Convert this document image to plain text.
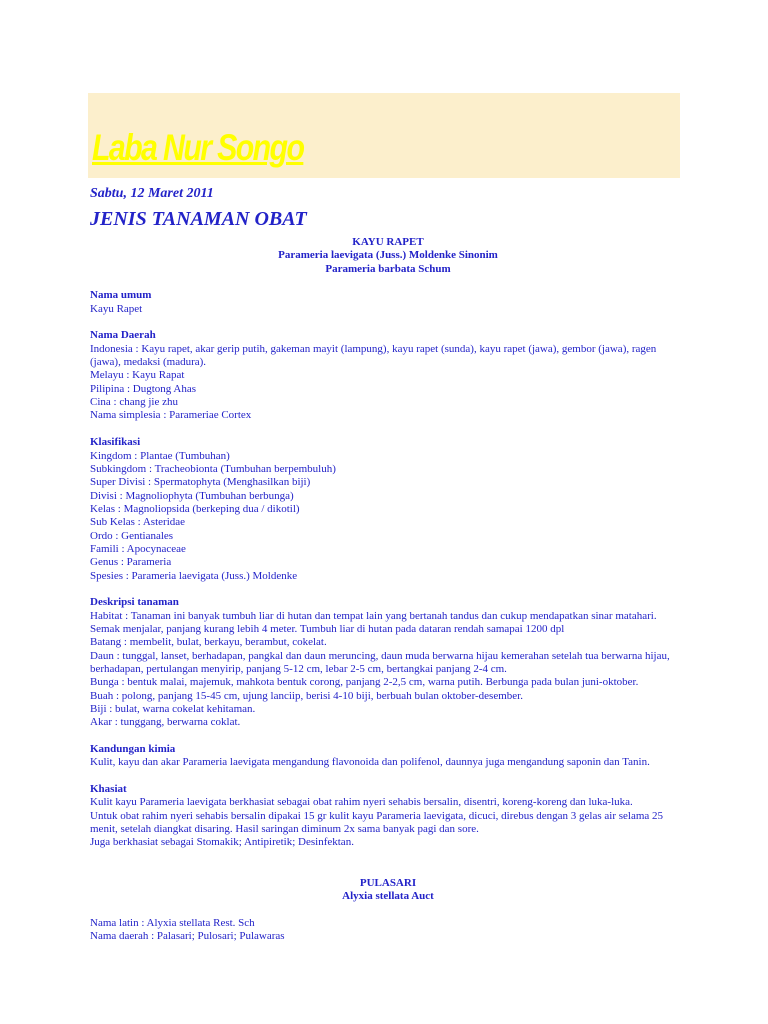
Laba Nur Songo
Sabtu, 12 Maret 2011
JENIS TANAMAN OBAT

KAYU RAPET

Parameria laevigata (Juss.) Moldenke Sinonim

Parameria barbata Schum

Nama umum

Kayu Rapet

Nama Daerah

Indonesia : Kayu rapet, akar gerip putih, gakeman mayit (lampung), kayu rapet (sunda), kayu rapet (jawa), gembor (jawa), ragen (jawa), medaksi (madura).

Melayu : Kayu Rapat

Pilipina : Dugtong Ahas

Cina : chang jie zhu

Nama simplesia : Parameriae Cortex

Klasifikasi

Kingdom : Plantae (Tumbuhan)

Subkingdom : Tracheobionta (Tumbuhan berpembuluh)

Super Divisi : Spermatophyta (Menghasilkan biji)

Divisi : Magnoliophyta (Tumbuhan berbunga)

Kelas : Magnoliopsida (berkeping dua / dikotil)

Sub Kelas : Asteridae

Ordo : Gentianales

Famili : Apocynaceae

Genus : Parameria

Spesies : Parameria laevigata (Juss.) Moldenke

Deskripsi tanaman

Habitat : Tanaman ini banyak tumbuh liar di hutan dan tempat lain yang bertanah tandus dan cukup mendapatkan sinar matahari. Semak menjalar, panjang kurang lebih 4 meter. Tumbuh liar di hutan pada dataran rendah samapai 1200 dpl

Batang : membelit, bulat, berkayu, berambut, cokelat.

Daun : tunggal, lanset, berhadapan, pangkal dan daun meruncing, daun muda berwarna hijau kemerahan setelah tua berwarna hijau, berhadapan, pertulangan menyirip, panjang 5-12 cm, lebar 2-5 cm, bertangkai panjang 2-4 cm.

Bunga : bentuk malai, majemuk, mahkota bentuk corong, panjang 2-2,5 cm, warna putih. Berbunga pada bulan juni-oktober.

Buah : polong, panjang 15-45 cm, ujung lanciip, berisi 4-10 biji, berbuah bulan oktober-desember.

Biji : bulat, warna cokelat kehitaman.

Akar : tunggang, berwarna coklat.

Kandungan kimia

Kulit, kayu dan akar Parameria laevigata mengandung flavonoida dan polifenol, daunnya juga mengandung saponin dan Tanin.

Khasiat

Kulit kayu Parameria laevigata berkhasiat sebagai obat rahim nyeri sehabis bersalin, disentri, koreng-koreng dan luka-luka.

Untuk obat rahim nyeri sehabis bersalin dipakai 15 gr kulit kayu Parameria laevigata, dicuci, direbus dengan 3 gelas air selama 25 menit, setelah diangkat disaring. Hasil saringan diminum 2x sama banyak pagi dan sore.

Juga berkhasiat sebagai Stomakik; Antipiretik; Desinfektan.

PULASARI

Alyxia stellata Auct

Nama latin : Alyxia stellata Rest. Sch

Nama daerah : Palasari; Pulosari; Pulawaras
